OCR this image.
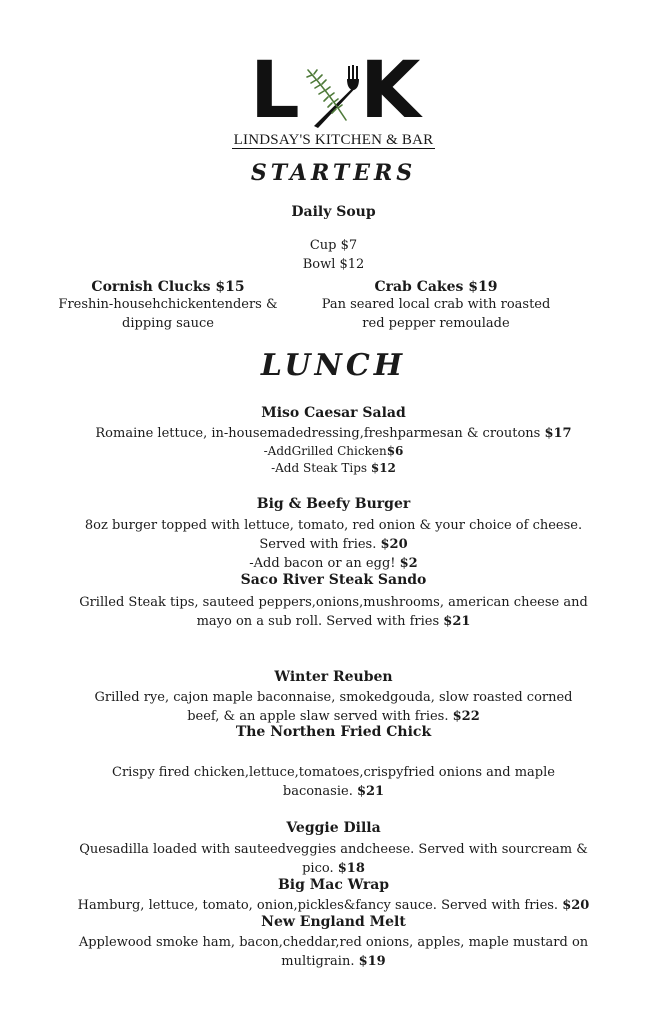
L K
LINDSAY'S KITCHEN & BAR
STARTERS
Daily Soup
Cup $7
Bowl $12
Cornish Clucks $15
Freshin-househchickentenders &
dipping sauce
Crab Cakes $19
Pan seared local crab with roasted
red pepper remoulade
LUNCH
Miso Caesar Salad
Romaine lettuce, in-housemadedressing,freshparmesan & croutons $17
-AddGrilled Chicken$6
-Add Steak Tips $12
Big & Beefy Burger
8oz burger topped with lettuce, tomato, red onion & your choice of cheese.
Served with fries. $20
-Add bacon or an egg! $2
Saco River Steak Sando
Grilled Steak tips, sauteed peppers,onions,mushrooms, american cheese and
mayo on a sub roll. Served with fries $21
Winter Reuben
Grilled rye, cajon maple baconnaise, smokedgouda, slow roasted corned
beef, & an apple slaw served with fries. $22
The Northen Fried Chick
Crispy fired chicken,lettuce,tomatoes,crispyfried onions and maple
baconasie. $21
Veggie Dilla
Quesadilla loaded with sauteedveggies andcheese. Served with sourcream &
pico. $18
Big Mac Wrap
Hamburg, lettuce, tomato, onion,pickles&fancy sauce. Served with fries. $20
New England Melt
Applewood smoke ham, bacon,cheddar,red onions, apples, maple mustard on
multigrain. $19
